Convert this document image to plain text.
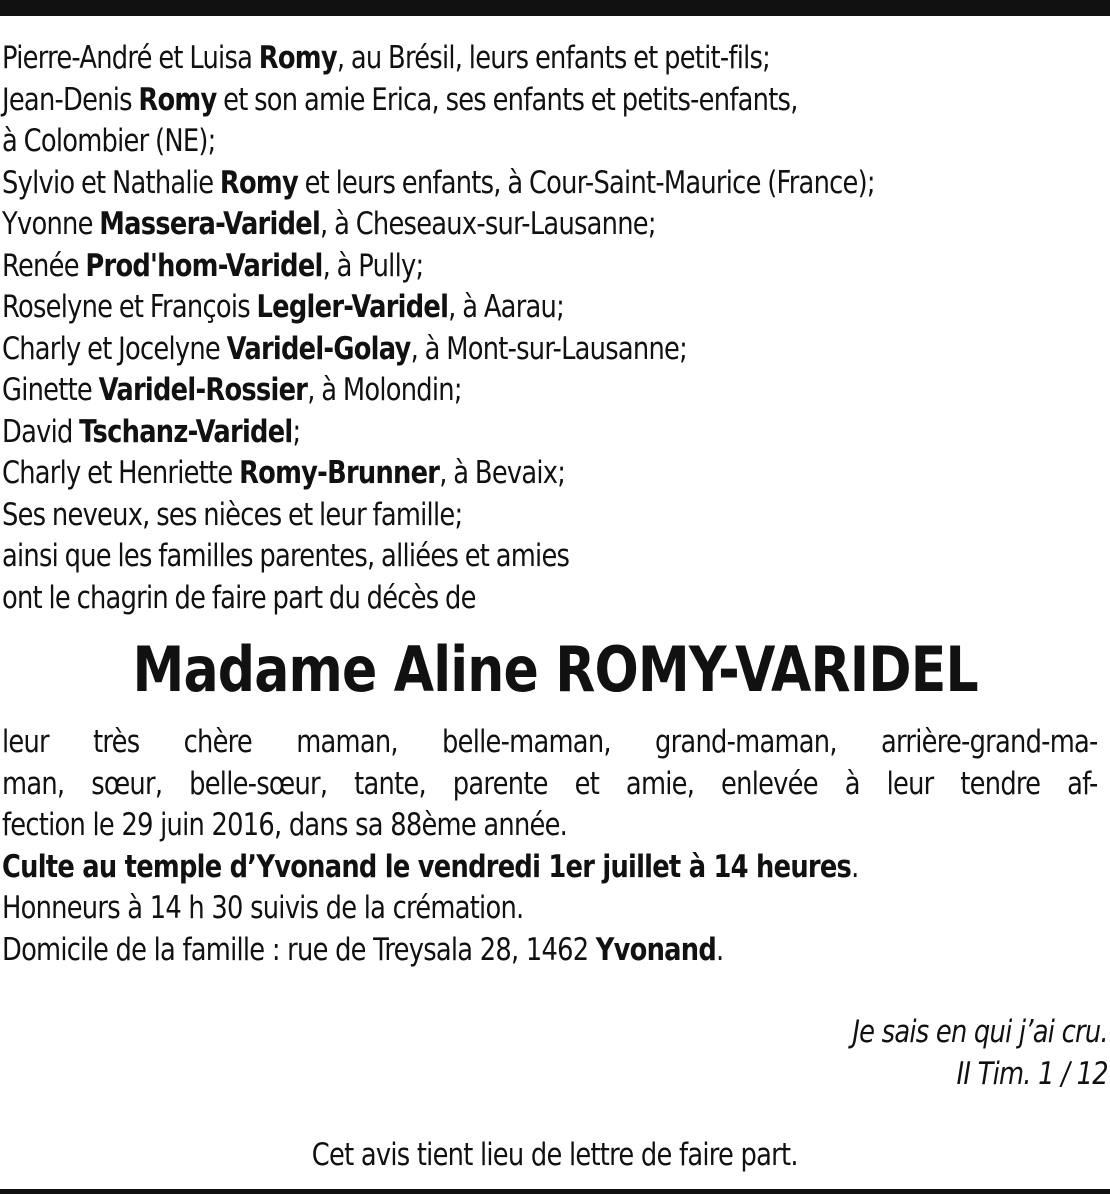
Pierre-André et Luisa Romy, au Brésil, leurs enfants et petit-fils;
Jean-Denis Romy et son amie Erica, ses enfants et petits-enfants,
à Colombier (NE);
Sylvio et Nathalie Romy et leurs enfants, à Cour-Saint-Maurice (France);
Yvonne Massera-Varidel, à Cheseaux-sur-Lausanne;
Renée Prod'hom-Varidel, à Pully;
Roselyne et François Legler-Varidel, à Aarau;
Charly et Jocelyne Varidel-Golay, à Mont-sur-Lausanne;
Ginette Varidel-Rossier, à Molondin;
David Tschanz-Varidel;
Charly et Henriette Romy-Brunner, à Bevaix;
Ses neveux, ses nièces et leur famille;
ainsi que les familles parentes, alliées et amies
ont le chagrin de faire part du décès de
Madame Aline ROMY-VARIDEL
leur très chère maman, belle-maman, grand-maman, arrière-grand-ma-
man, sœur, belle-sœur, tante, parente et amie, enlevée à leur tendre af-
fection le 29 juin 2016, dans sa 88ème année.
Culte au temple d’Yvonand le vendredi 1er juillet à 14 heures.
Honneurs à 14 h 30 suivis de la crémation.
Domicile de la famille : rue de Treysala 28, 1462 Yvonand.
Je sais en qui j’ai cru.
II Tim. 1 / 12
Cet avis tient lieu de lettre de faire part.
